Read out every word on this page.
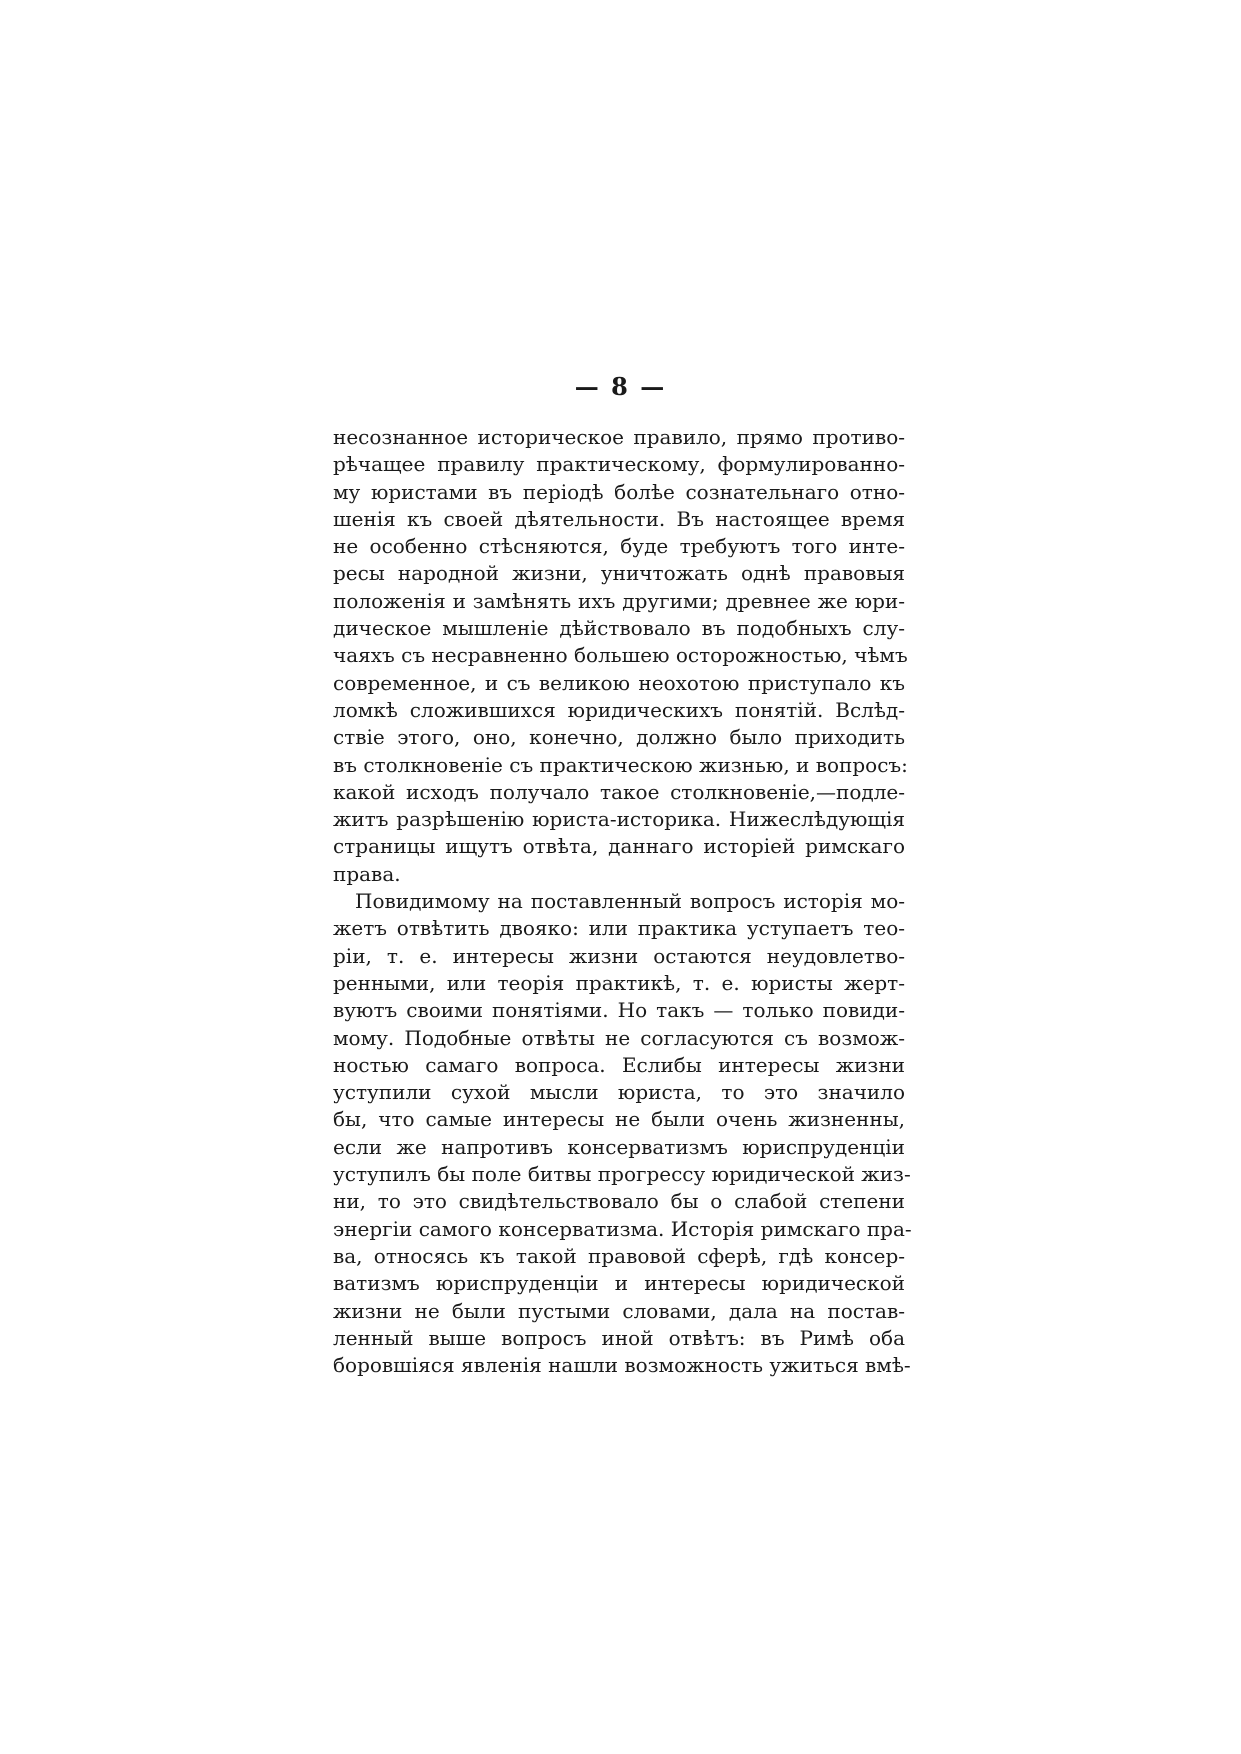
— 8 —
несознанное историческое правило, прямо противо-
рѣчащее правилу практическому, формулированно-
му юристами въ періодѣ болѣе сознательнаго отно-
шенія къ своей дѣятельности. Въ настоящее время
не особенно стѣсняются, буде требуютъ того инте-
ресы народной жизни, уничтожать однѣ правовыя
положенія и замѣнять ихъ другими; древнее же юри-
дическое мышленіе дѣйствовало въ подобныхъ слу-
чаяхъ съ несравненно большею осторожностью, чѣмъ
современное, и съ великою неохотою приступало къ
ломкѣ сложившихся юридическихъ понятій. Вслѣд-
ствіе этого, оно, конечно, должно было приходить
въ столкновеніе съ практическою жизнью, и вопросъ:
какой исходъ получало такое столкновеніе,—подле-
житъ разрѣшенію юриста-историка. Нижеслѣдующія
страницы ищутъ отвѣта, даннаго исторіей римскаго
права.
Повидимому на поставленный вопросъ исторія мо-
жетъ отвѣтить двояко: или практика уступаетъ тео-
ріи, т. е. интересы жизни остаются неудовлетво-
ренными, или теорія практикѣ, т. е. юристы жерт-
вуютъ своими понятіями. Но такъ — только повиди-
мому. Подобные отвѣты не согласуются съ возмож-
ностью самаго вопроса. Еслибы интересы жизни
уступили сухой мысли юриста, то это значило
бы, что самые интересы не были очень жизненны,
если же напротивъ консерватизмъ юриспруденціи
уступилъ бы поле битвы прогрессу юридической жиз-
ни, то это свидѣтельствовало бы о слабой степени
энергіи самого консерватизма. Исторія римскаго пра-
ва, относясь къ такой правовой сферѣ, гдѣ консер-
ватизмъ юриспруденціи и интересы юридической
жизни не были пустыми словами, дала на постав-
ленный выше вопросъ иной отвѣтъ: въ Римѣ оба
боровшіяся явленія нашли возможность ужиться вмѣ-
